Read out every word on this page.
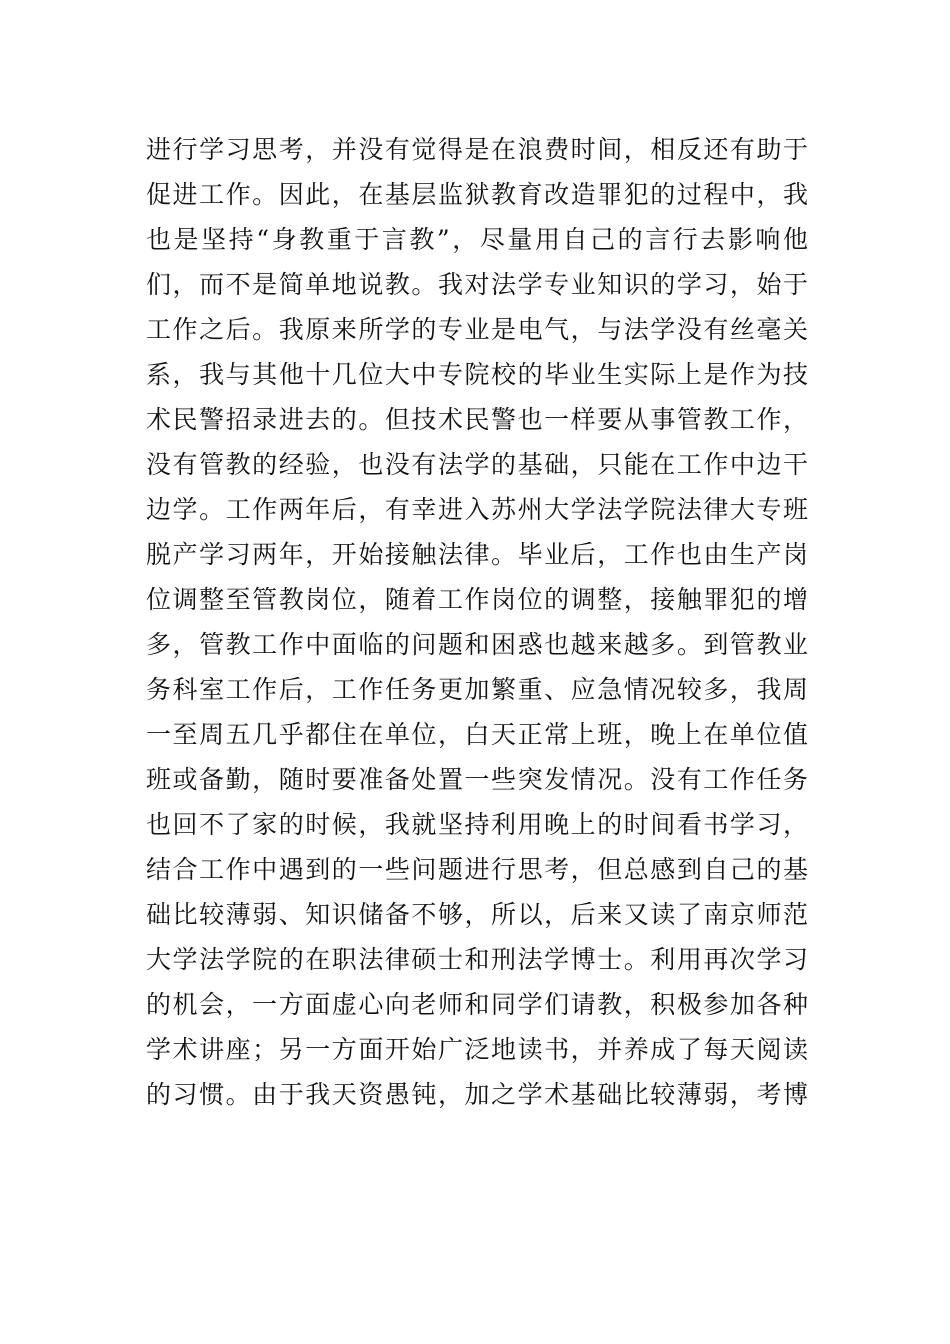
进行学习思考，并没有觉得是在浪费时间，相反还有助于
促进工作。因此，在基层监狱教育改造罪犯的过程中，我
也是坚持“身教重于言教”，尽量用自己的言行去影响他
们，而不是简单地说教。我对法学专业知识的学习，始于
工作之后。我原来所学的专业是电气，与法学没有丝毫关
系，我与其他十几位大中专院校的毕业生实际上是作为技
术民警招录进去的。但技术民警也一样要从事管教工作，
没有管教的经验，也没有法学的基础，只能在工作中边干
边学。工作两年后，有幸进入苏州大学法学院法律大专班
脱产学习两年，开始接触法律。毕业后，工作也由生产岗
位调整至管教岗位，随着工作岗位的调整，接触罪犯的增
多，管教工作中面临的问题和困惑也越来越多。到管教业
务科室工作后，工作任务更加繁重、应急情况较多，我周
一至周五几乎都住在单位，白天正常上班，晚上在单位值
班或备勤，随时要准备处置一些突发情况。没有工作任务
也回不了家的时候，我就坚持利用晚上的时间看书学习，
结合工作中遇到的一些问题进行思考，但总感到自己的基
础比较薄弱、知识储备不够，所以，后来又读了南京师范
大学法学院的在职法律硕士和刑法学博士。利用再次学习
的机会，一方面虚心向老师和同学们请教，积极参加各种
学术讲座；另一方面开始广泛地读书，并养成了每天阅读
的习惯。由于我天资愚钝，加之学术基础比较薄弱，考博
